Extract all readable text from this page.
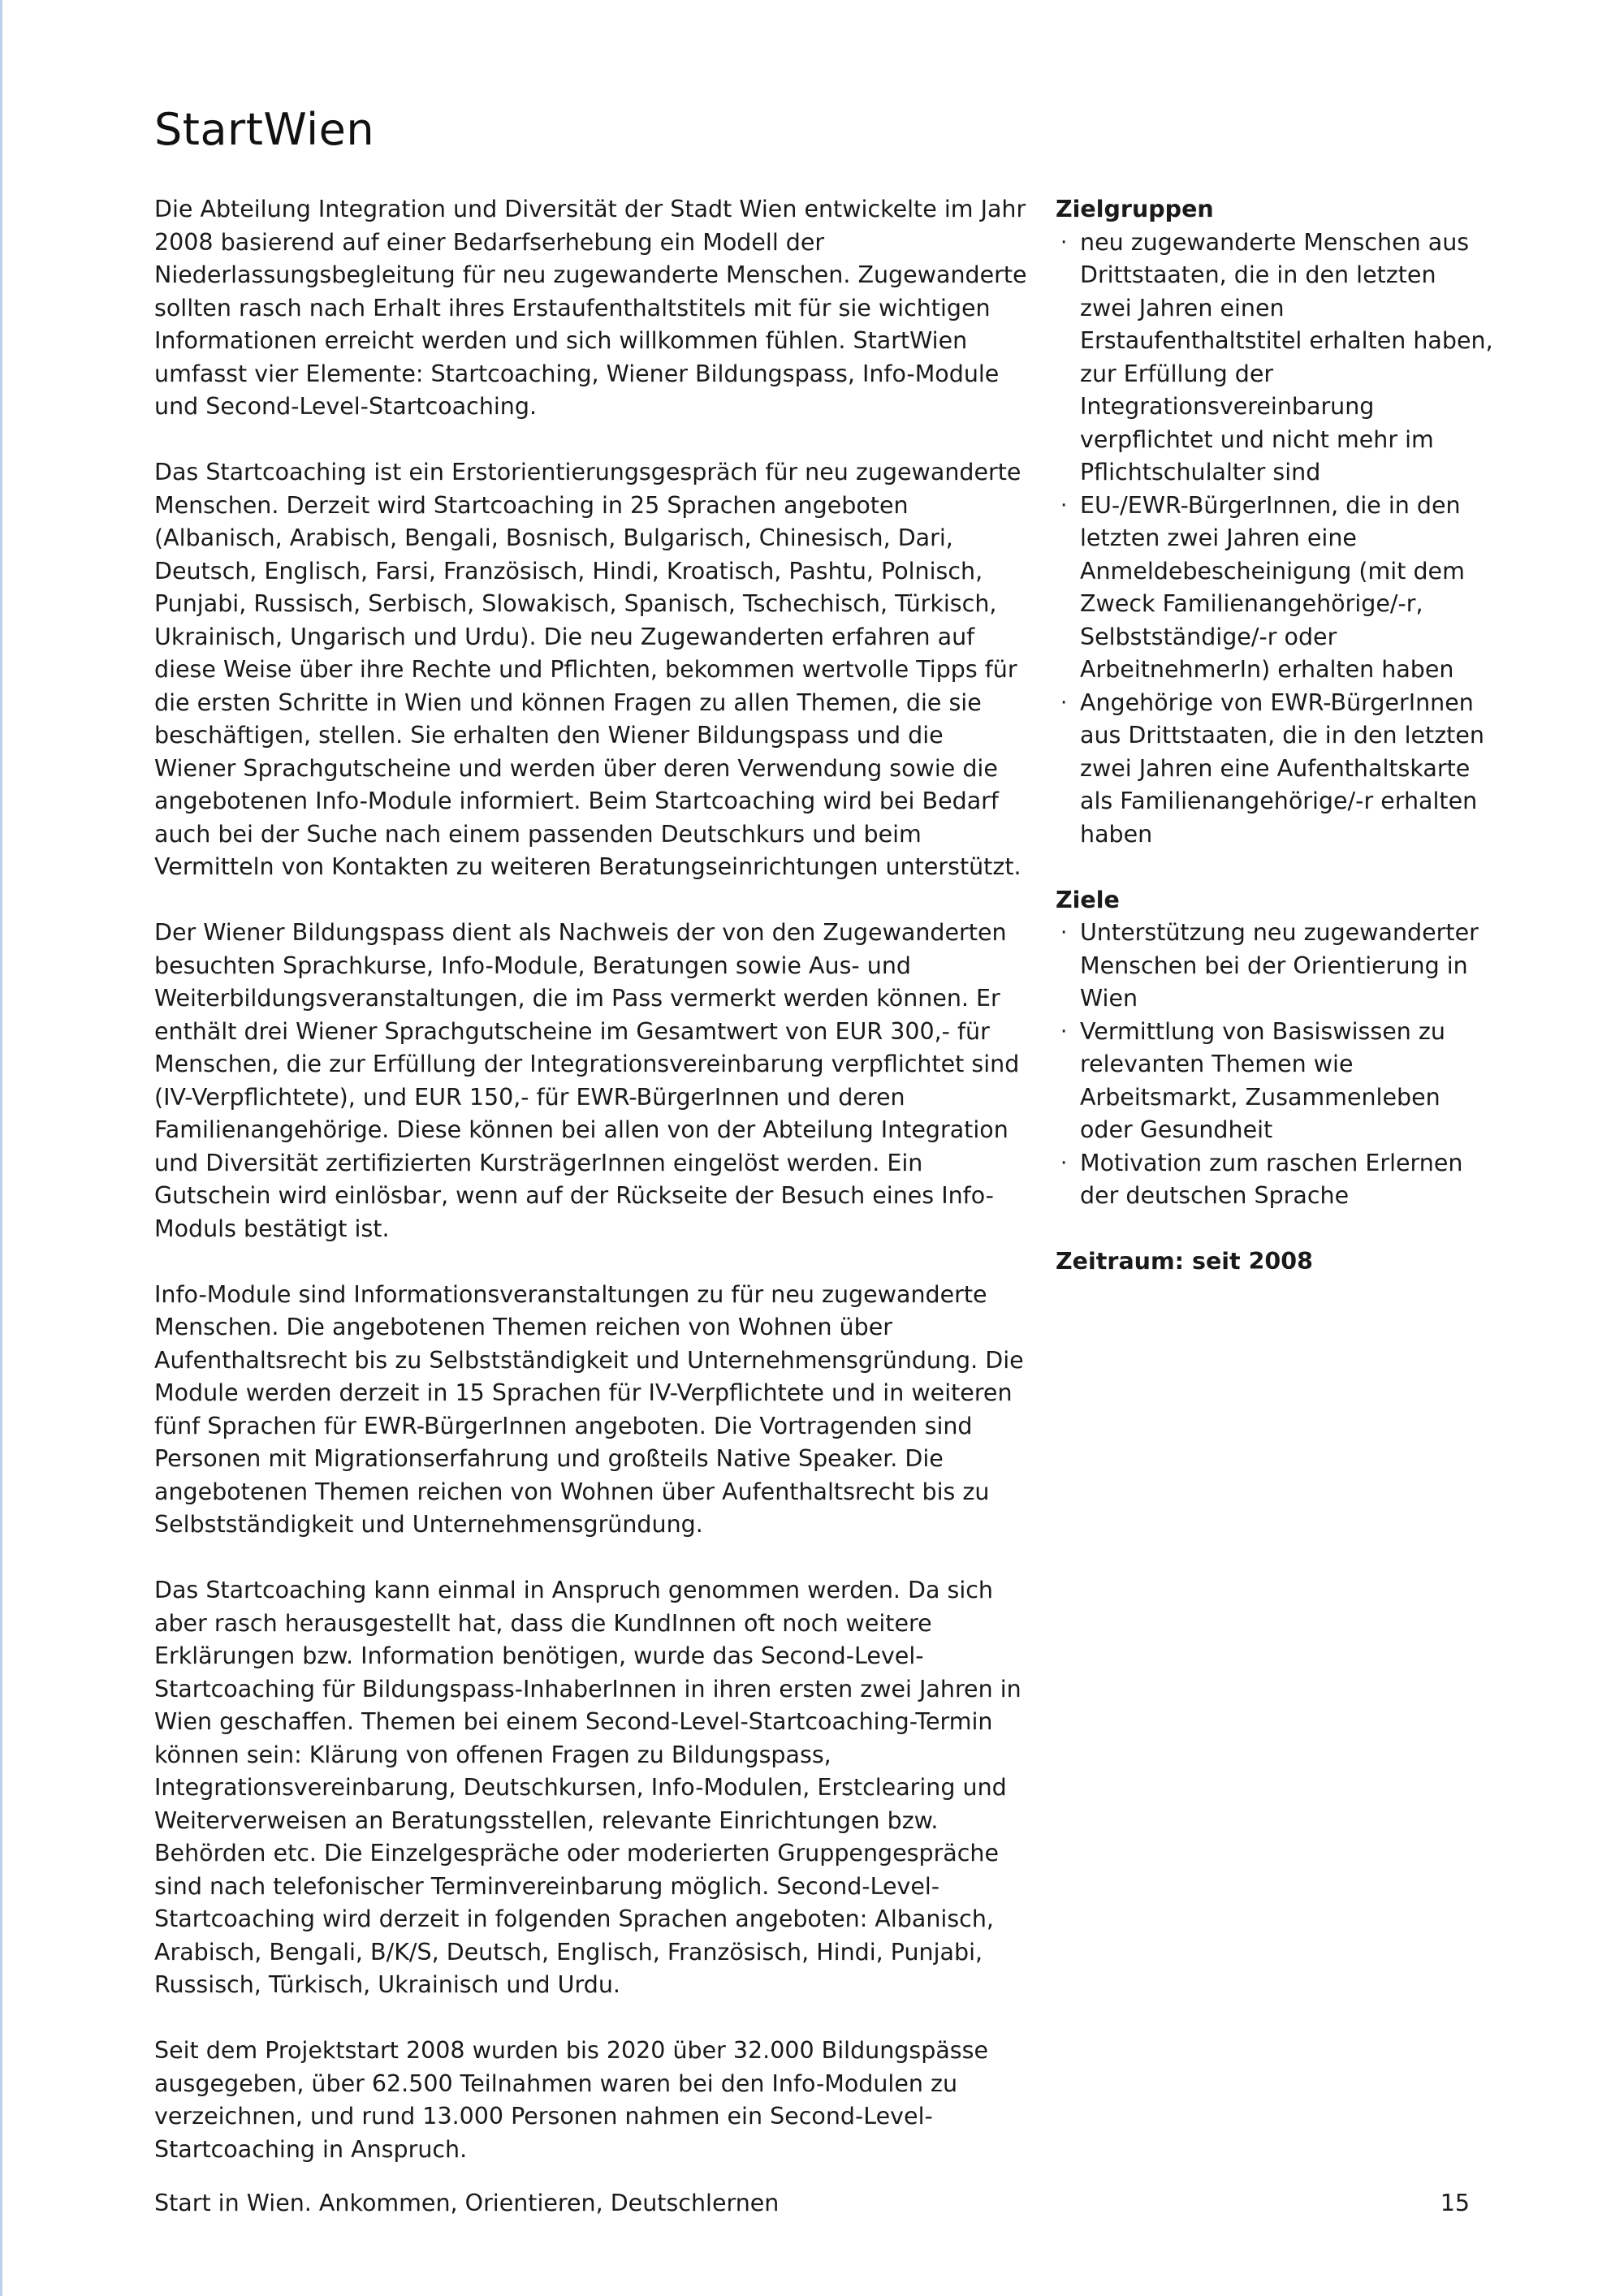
StartWien

Die Abteilung Integration und Diversität der Stadt Wien entwickelte im Jahr 2008 basierend auf einer Bedarfserhebung ein Modell der Niederlassungsbegleitung für neu zugewanderte Menschen. Zugewanderte sollten rasch nach Erhalt ihres Erstaufenthaltstitels mit für sie wichtigen Informationen erreicht werden und sich willkommen fühlen. StartWien umfasst vier Elemente: Startcoaching, Wiener Bildungspass, Info-Module und Second-Level-Startcoaching.

Das Startcoaching ist ein Erstorientierungsgespräch für neu zugewanderte Menschen. Derzeit wird Startcoaching in 25 Sprachen angeboten (Albanisch, Arabisch, Bengali, Bosnisch, Bulgarisch, Chinesisch, Dari, Deutsch, Englisch, Farsi, Französisch, Hindi, Kroatisch, Pashtu, Polnisch, Punjabi, Russisch, Serbisch, Slowakisch, Spanisch, Tschechisch, Türkisch, Ukrainisch, Ungarisch und Urdu). Die neu Zugewanderten erfahren auf diese Weise über ihre Rechte und Pflichten, bekommen wertvolle Tipps für die ersten Schritte in Wien und können Fragen zu allen Themen, die sie beschäftigen, stellen. Sie erhalten den Wiener Bildungspass und die Wiener Sprachgutscheine und werden über deren Verwendung sowie die angebotenen Info-Module informiert. Beim Startcoaching wird bei Bedarf auch bei der Suche nach einem passenden Deutschkurs und beim Vermitteln von Kontakten zu weiteren Beratungseinrichtungen unterstützt.

Der Wiener Bildungspass dient als Nachweis der von den Zugewanderten besuchten Sprachkurse, Info-Module, Beratungen sowie Aus- und Weiterbildungsveranstaltungen, die im Pass vermerkt werden können. Er enthält drei Wiener Sprachgutscheine im Gesamtwert von EUR 300,- für Menschen, die zur Erfüllung der Integrationsvereinbarung verpflichtet sind (IV-Verpflichtete), und EUR 150,- für EWR-BürgerInnen und deren Familienangehörige. Diese können bei allen von der Abteilung Integration und Diversität zertifizierten KursträgerInnen eingelöst werden. Ein Gutschein wird einlösbar, wenn auf der Rückseite der Besuch eines Info-Moduls bestätigt ist.

Info-Module sind Informationsveranstaltungen zu für neu zugewanderte Menschen. Die angebotenen Themen reichen von Wohnen über Aufenthaltsrecht bis zu Selbstständigkeit und Unternehmensgründung. Die Module werden derzeit in 15 Sprachen für IV-Verpflichtete und in weiteren fünf Sprachen für EWR-BürgerInnen angeboten. Die Vortragenden sind Personen mit Migrationserfahrung und großteils Native Speaker. Die angebotenen Themen reichen von Wohnen über Aufenthaltsrecht bis zu Selbstständigkeit und Unternehmensgründung.

Das Startcoaching kann einmal in Anspruch genommen werden. Da sich aber rasch herausgestellt hat, dass die KundInnen oft noch weitere Erklärungen bzw. Information benötigen, wurde das Second-Level-Startcoaching für Bildungspass-InhaberInnen in ihren ersten zwei Jahren in Wien geschaffen. Themen bei einem Second-Level-Startcoaching-Termin können sein: Klärung von offenen Fragen zu Bildungspass, Integrationsvereinbarung, Deutschkursen, Info-Modulen, Erstclearing und Weiterverweisen an Beratungsstellen, relevante Einrichtungen bzw. Behörden etc. Die Einzelgespräche oder moderierten Gruppengespräche sind nach telefonischer Terminvereinbarung möglich. Second-Level-Startcoaching wird derzeit in folgenden Sprachen angeboten: Albanisch, Arabisch, Bengali, B/K/S, Deutsch, Englisch, Französisch, Hindi, Punjabi, Russisch, Türkisch, Ukrainisch und Urdu.

Seit dem Projektstart 2008 wurden bis 2020 über 32.000 Bildungspässe ausgegeben, über 62.500 Teilnahmen waren bei den Info-Modulen zu verzeichnen, und rund 13.000 Personen nahmen ein Second-Level-Startcoaching in Anspruch.

Zielgruppen
· neu zugewanderte Menschen aus Drittstaaten, die in den letzten zwei Jahren einen Erstaufenthaltstitel erhalten haben, zur Erfüllung der Integrationsvereinbarung verpflichtet und nicht mehr im Pflichtschulalter sind
· EU-/EWR-BürgerInnen, die in den letzten zwei Jahren eine Anmeldebescheinigung (mit dem Zweck Familienangehörige/-r, Selbstständige/-r oder ArbeitnehmerIn) erhalten haben
· Angehörige von EWR-BürgerInnen aus Drittstaaten, die in den letzten zwei Jahren eine Aufenthaltskarte als Familienangehörige/-r erhalten haben
Ziele
· Unterstützung neu zugewanderter Menschen bei der Orientierung in Wien
· Vermittlung von Basiswissen zu relevanten Themen wie Arbeitsmarkt, Zusammenleben oder Gesundheit
· Motivation zum raschen Erlernen der deutschen Sprache
Zeitraum: seit 2008
Start in Wien. Ankommen, Orientieren, Deutschlernen	15
